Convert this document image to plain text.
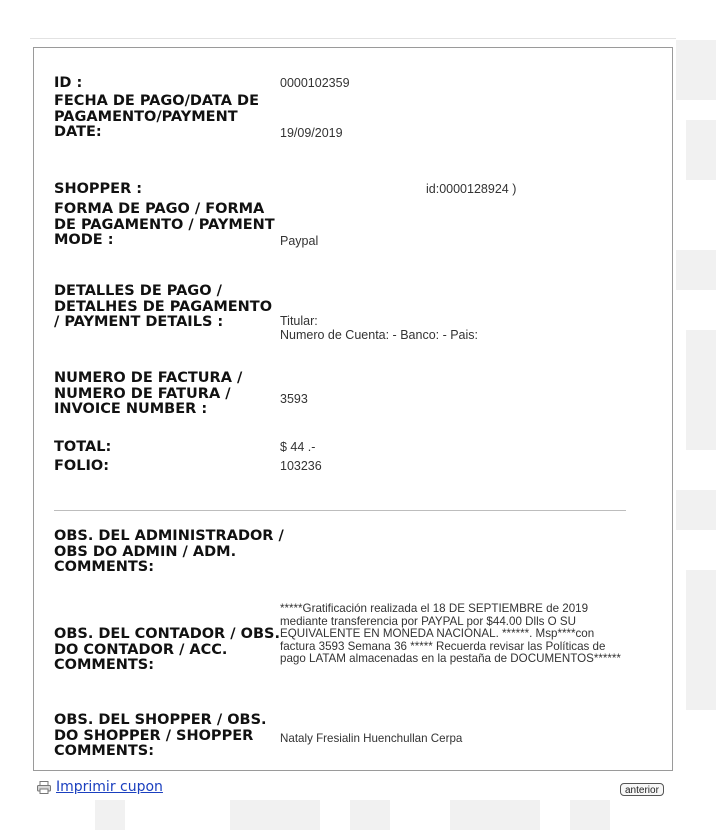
ID :	0000102359
FECHA DE PAGO/DATA DE PAGAMENTO/PAYMENT DATE:	19/09/2019
SHOPPER :	id:0000128924 )
FORMA DE PAGO / FORMA DE PAGAMENTO / PAYMENT MODE :	Paypal
DETALLES DE PAGO / DETALHES DE PAGAMENTO / PAYMENT DETAILS :	Titular:
Numero de Cuenta: - Banco: - Pais:
NUMERO DE FACTURA / NUMERO DE FATURA / INVOICE NUMBER :
3593
TOTAL:	$ 44 .-
FOLIO:	103236
OBS. DEL ADMINISTRADOR / OBS DO ADMIN / ADM. COMMENTS:
OBS. DEL CONTADOR / OBS. DO CONTADOR / ACC. COMMENTS:
*****Gratificación realizada el 18 DE SEPTIEMBRE de 2019 mediante transferencia por PAYPAL por $44.00 Dlls O SU EQUIVALENTE EN MONEDA NACIONAL. ******. Msp****con factura 3593 Semana 36 ***** Recuerda revisar las Políticas de pago LATAM almacenadas en la pestaña de DOCUMENTOS******
OBS. DEL SHOPPER / OBS. DO SHOPPER / SHOPPER COMMENTS:
Nataly Fresialin Huenchullan Cerpa
Imprimir cupon	anterior
